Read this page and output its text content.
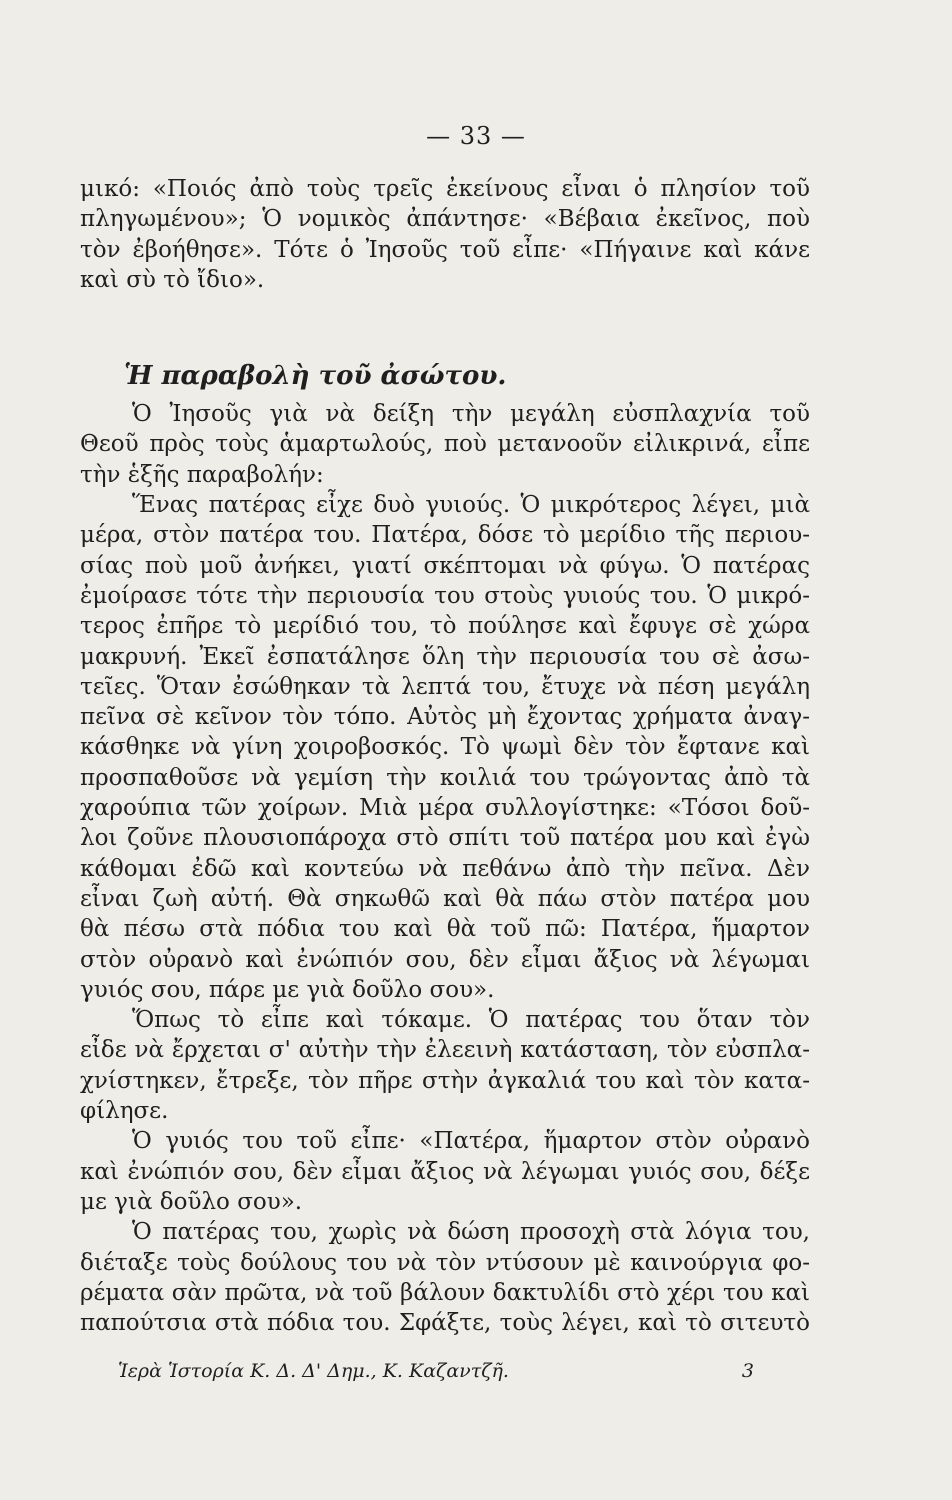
— 33 —
μικό: «Ποιός ἀπὸ τοὺς τρεῖς ἐκείνους εἶναι ὁ πλησίον τοῦ
πληγωμένου»; Ὁ νομικὸς ἀπάντησε· «Βέβαια ἐκεῖνος, ποὺ
τὸν ἐβοήθησε». Τότε ὁ Ἰησοῦς τοῦ εἶπε· «Πήγαινε καὶ κάνε
καὶ σὺ τὸ ἴδιο».
Ἡ παραβολὴ τοῦ ἀσώτου.
Ὁ Ἰησοῦς γιὰ νὰ δείξη τὴν μεγάλη εὐσπλαχνία τοῦ
Θεοῦ πρὸς τοὺς ἁμαρτωλούς, ποὺ μετανοοῦν εἰλικρινά, εἶπε
τὴν ἑξῆς παραβολήν:
Ἕνας πατέρας εἶχε δυὸ γυιούς. Ὁ μικρότερος λέγει, μιὰ
μέρα, στὸν πατέρα του. Πατέρα, δόσε τὸ μερίδιο τῆς περιου-
σίας ποὺ μοῦ ἀνήκει, γιατί σκέπτομαι νὰ φύγω. Ὁ πατέρας
ἐμοίρασε τότε τὴν περιουσία του στοὺς γυιούς του. Ὁ μικρό-
τερος ἐπῆρε τὸ μερίδιό του, τὸ πούλησε καὶ ἔφυγε σὲ χώρα
μακρυνή. Ἐκεῖ ἐσπατάλησε ὅλη τὴν περιουσία του σὲ ἀσω-
τεῖες. Ὅταν ἐσώθηκαν τὰ λεπτά του, ἔτυχε νὰ πέση μεγάλη
πεῖνα σὲ κεῖνον τὸν τόπο. Αὐτὸς μὴ ἔχοντας χρήματα ἀναγ-
κάσθηκε νὰ γίνη χοιροβοσκός. Τὸ ψωμὶ δὲν τὸν ἔφτανε καὶ
προσπαθοῦσε νὰ γεμίση τὴν κοιλιά του τρώγοντας ἀπὸ τὰ
χαρούπια τῶν χοίρων. Μιὰ μέρα συλλογίστηκε: «Τόσοι δοῦ-
λοι ζοῦνε πλουσιοπάροχα στὸ σπίτι τοῦ πατέρα μου καὶ ἐγὼ
κάθομαι ἐδῶ καὶ κοντεύω νὰ πεθάνω ἀπὸ τὴν πεῖνα. Δὲν
εἶναι ζωὴ αὐτή. Θὰ σηκωθῶ καὶ θὰ πάω στὸν πατέρα μου
θὰ πέσω στὰ πόδια του καὶ θὰ τοῦ πῶ: Πατέρα, ἥμαρτον
στὸν οὐρανὸ καὶ ἐνώπιόν σου, δὲν εἶμαι ἄξιος νὰ λέγωμαι
γυιός σου, πάρε με γιὰ δοῦλο σου».
Ὅπως τὸ εἶπε καὶ τόκαμε. Ὁ πατέρας του ὅταν τὸν
εἶδε νὰ ἔρχεται σ' αὐτὴν τὴν ἐλεεινὴ κατάσταση, τὸν εὐσπλα-
χνίστηκεν, ἔτρεξε, τὸν πῆρε στὴν ἀγκαλιά του καὶ τὸν κατα-
φίλησε.
Ὁ γυιός του τοῦ εἶπε· «Πατέρα, ἥμαρτον στὸν οὐρανὸ
καὶ ἐνώπιόν σου, δὲν εἶμαι ἄξιος νὰ λέγωμαι γυιός σου, δέξε
με γιὰ δοῦλο σου».
Ὁ πατέρας του, χωρὶς νὰ δώση προσοχὴ στὰ λόγια του,
διέταξε τοὺς δούλους του νὰ τὸν ντύσουν μὲ καινούργια φο-
ρέματα σὰν πρῶτα, νὰ τοῦ βάλουν δακτυλίδι στὸ χέρι του καὶ
παπούτσια στὰ πόδια του. Σφάξτε, τοὺς λέγει, καὶ τὸ σιτευτὸ
Ἱερὰ Ἱστορία Κ. Δ. Δ' Δημ., Κ. Καζαντζῆ.	3
